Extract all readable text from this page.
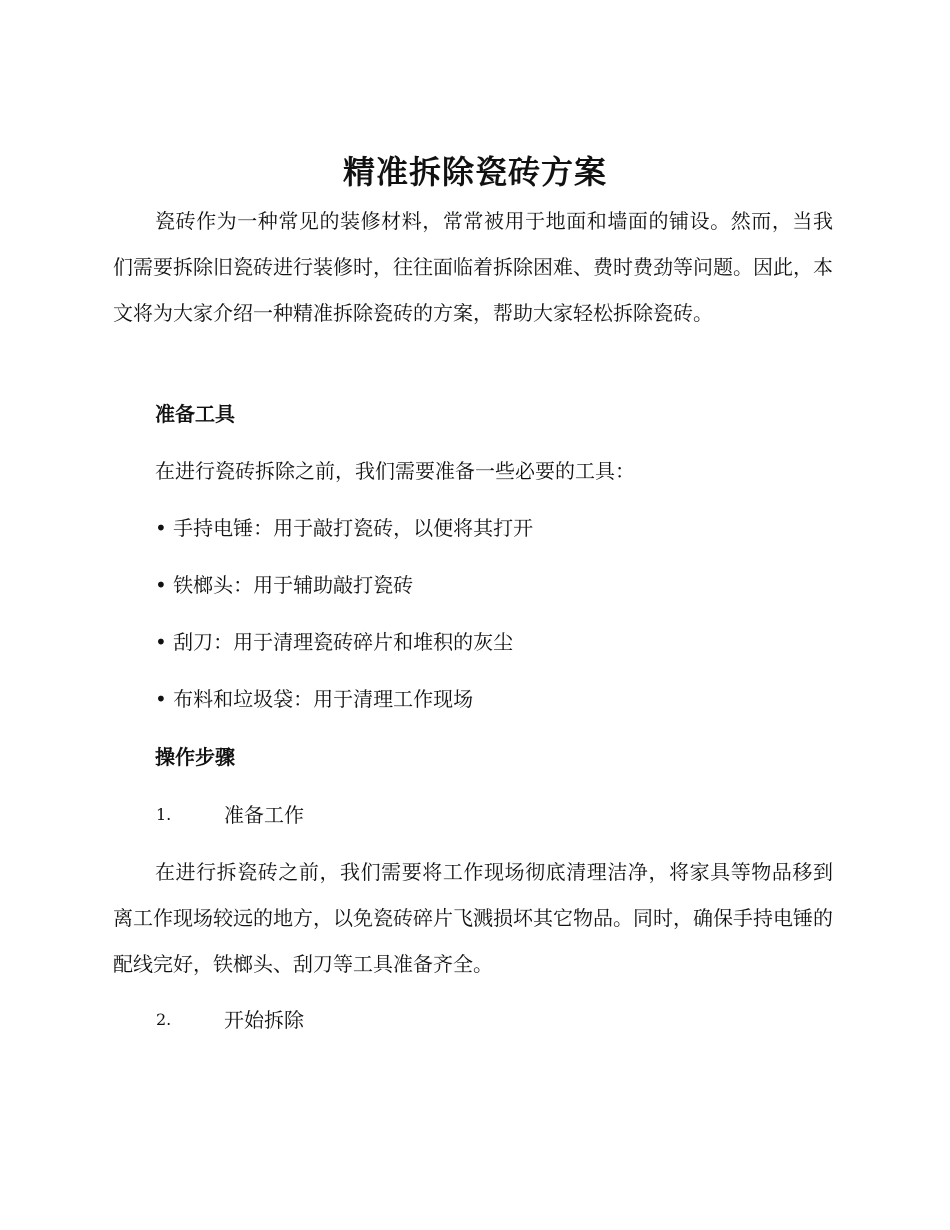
精准拆除瓷砖方案

瓷砖作为一种常见的装修材料，常常被用于地面和墙面的铺设。然而，当我们需要拆除旧瓷砖进行装修时，往往面临着拆除困难、费时费劲等问题。因此，本文将为大家介绍一种精准拆除瓷砖的方案，帮助大家轻松拆除瓷砖。

准备工具
在进行瓷砖拆除之前，我们需要准备一些必要的工具：
• 手持电锤：用于敲打瓷砖，以便将其打开
• 铁榔头：用于辅助敲打瓷砖
• 刮刀：用于清理瓷砖碎片和堆积的灰尘
• 布料和垃圾袋：用于清理工作现场
操作步骤
1.	准备工作

在进行拆瓷砖之前，我们需要将工作现场彻底清理洁净，将家具等物品移到离工作现场较远的地方，以免瓷砖碎片飞溅损坏其它物品。同时，确保手持电锤的配线完好，铁榔头、刮刀等工具准备齐全。

2.	开始拆除
